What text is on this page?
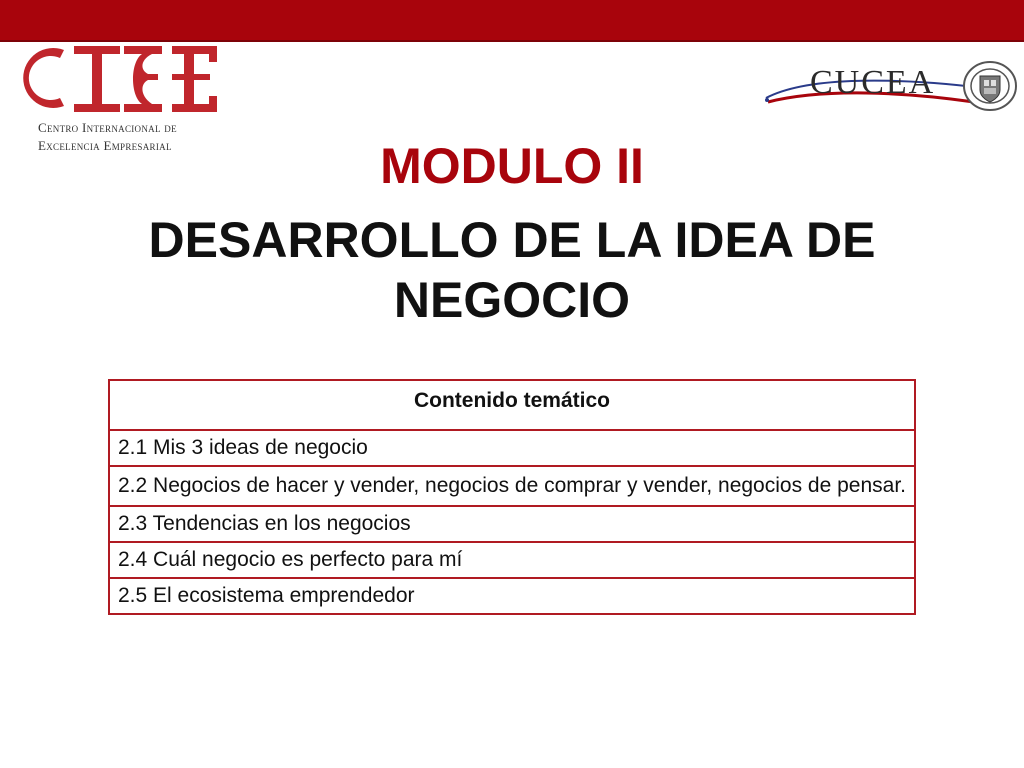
Centro Internacional de
Excelencia Empresarial
CUCEA
MODULO II
DESARROLLO DE LA IDEA DE NEGOCIO
Contenido temático
2.1 Mis 3 ideas de negocio
2.2 Negocios de hacer y vender, negocios de comprar y vender, negocios de pensar.
2.3 Tendencias en los negocios
2.4 Cuál negocio es perfecto para mí
2.5 El ecosistema emprendedor
